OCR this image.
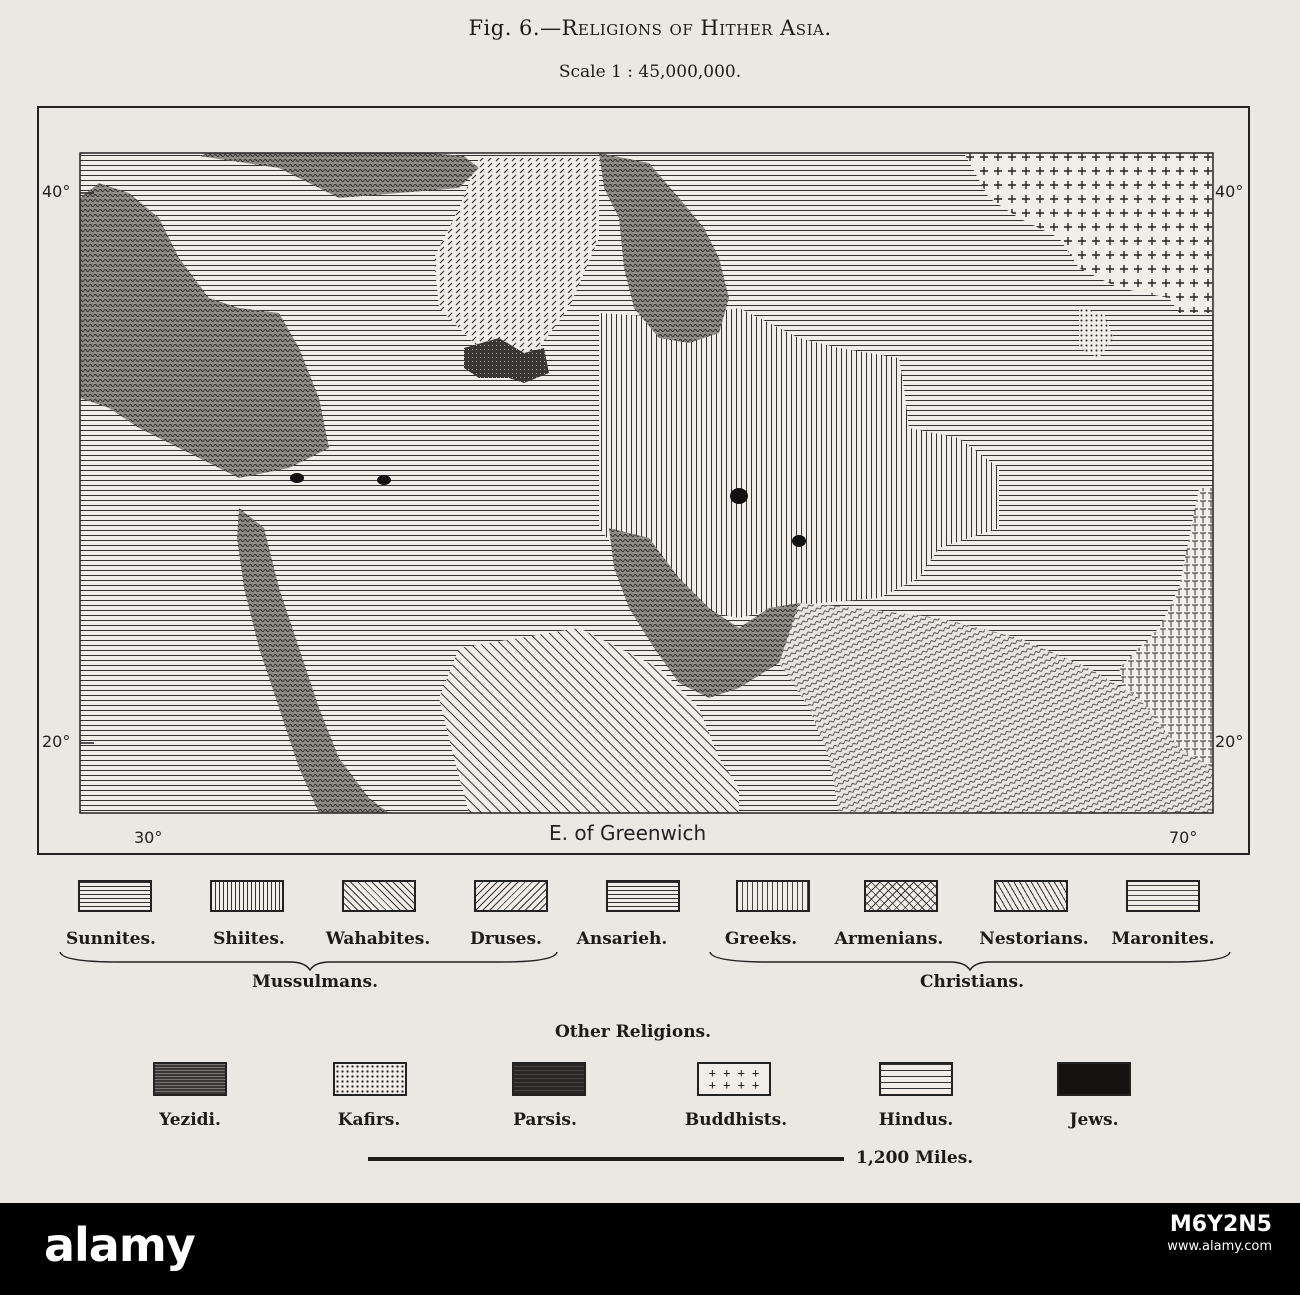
Fig. 6.—Religions of Hither Asia.
Scale 1 : 45,000,000.
40°	40°
20°	20°
30°	70°
E. of Greenwich
Sunnites.	Shiites. Wahabites. Druses. Ansarieh.	Greeks. Armenians. Nestorians. Maronites.
Mussulmans.	Christians.
Other Religions.
Yezidi.	Kafirs.	Parsis.
+ + + +
+ + + +
Buddhists.	Hindus.	Jews.
1,200 Miles.
alamy	M6Y2N5
www.alamy.com
